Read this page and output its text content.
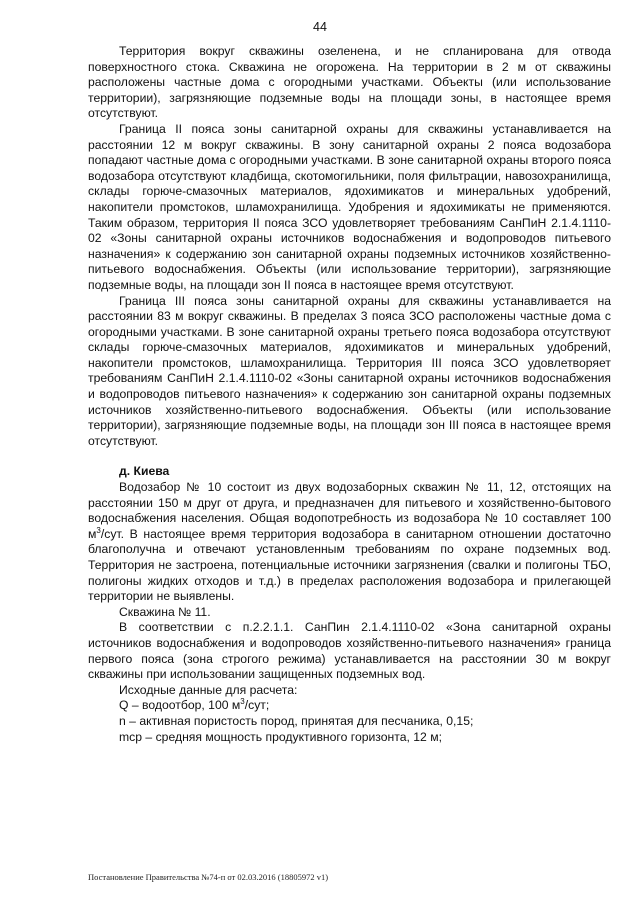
44

Территория вокруг скважины озеленена, и не спланирована для отвода поверхностного стока. Скважина не огорожена. На территории в 2 м от скважины расположены частные дома с огородными участками. Объекты (или использование территории), загрязняющие подземные воды на площади зоны, в настоящее время отсутствуют.

Граница II пояса зоны санитарной охраны для скважины устанавливается на расстоянии 12 м вокруг скважины. В зону санитарной охраны 2 пояса водозабора попадают частные дома с огородными участками. В зоне санитарной охраны второго пояса водозабора отсутствуют кладбища, скотомогильники, поля фильтрации, навозохранилища, склады горюче-смазочных материалов, ядохимикатов и минеральных удобрений, накопители промстоков, шламохранилища. Удобрения и ядохимикаты не применяются. Таким образом, территория II пояса ЗСО удовлетворяет требованиям СанПиН 2.1.4.1110-02 «Зоны санитарной охраны источников водоснабжения и водопроводов питьевого назначения» к содержанию зон санитарной охраны подземных источников хозяйственно-питьевого водоснабжения. Объекты (или использование территории), загрязняющие подземные воды, на площади зон II пояса в настоящее время отсутствуют.

Граница III пояса зоны санитарной охраны для скважины устанавливается на расстоянии 83 м вокруг скважины. В пределах 3 пояса ЗСО расположены частные дома с огородными участками. В зоне санитарной охраны третьего пояса водозабора отсутствуют склады горюче-смазочных материалов, ядохимикатов и минеральных удобрений, накопители промстоков, шламохранилища. Территория III пояса ЗСО удовлетворяет требованиям СанПиН 2.1.4.1110-02 «Зоны санитарной охраны источников водоснабжения и водопроводов питьевого назначения» к содержанию зон санитарной охраны подземных источников хозяйственно-питьевого водоснабжения. Объекты (или использование территории), загрязняющие подземные воды, на площади зон III пояса в настоящее время отсутствуют.

д. Киева

Водозабор № 10 состоит из двух водозаборных скважин № 11, 12, отстоящих на расстоянии 150 м друг от друга, и предназначен для питьевого и хозяйственно-бытового водоснабжения населения. Общая водопотребность из водозабора № 10 составляет 100 $м^3$/сут. В настоящее время территория водозабора в санитарном отношении достаточно благополучна и отвечают установленным требованиям по охране подземных вод. Территория не застроена, потенциальные источники загрязнения (свалки и полигоны ТБО, полигоны жидких отходов и т.д.) в пределах расположения водозабора и прилегающей территории не выявлены.

Скважина № 11.

В соответствии с п.2.2.1.1. СанПин 2.1.4.1110-02 «Зона санитарной охраны источников водоснабжения и водопроводов хозяйственно-питьевого назначения» граница первого пояса (зона строгого режима) устанавливается на расстоянии 30 м вокруг скважины при использовании защищенных подземных вод.

Исходные данные для расчета:

Q – водоотбор, 100 $м^3$/сут;

n – активная пористость пород, принятая для песчаника, 0,15;

mср – средняя мощность продуктивного горизонта, 12 м;

Постановление Правительства №74-п от 02.03.2016 (18805972 v1)
